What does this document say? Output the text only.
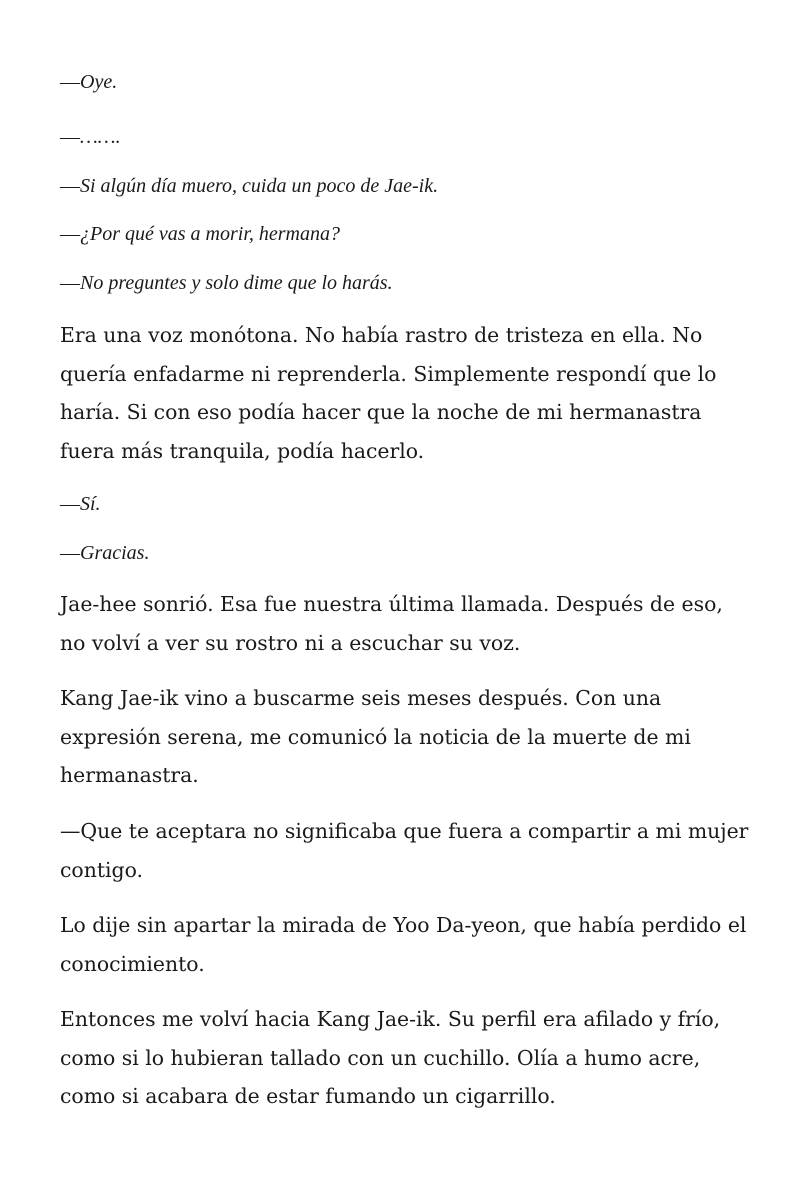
—Oye.
—…….
—Si algún día muero, cuida un poco de Jae-ik.
—¿Por qué vas a morir, hermana?
—No preguntes y solo dime que lo harás.

Era una voz monótona. No había rastro de tristeza en ella. No quería enfadarme ni reprenderla. Simplemente respondí que lo haría. Si con eso podía hacer que la noche de mi hermanastra fuera más tranquila, podía hacerlo.

—Sí.
—Gracias.

Jae-hee sonrió. Esa fue nuestra última llamada. Después de eso, no volví a ver su rostro ni a escuchar su voz.

Kang Jae-ik vino a buscarme seis meses después. Con una expresión serena, me comunicó la noticia de la muerte de mi hermanastra.

—Que te aceptara no significaba que fuera a compartir a mi mujer contigo.

Lo dije sin apartar la mirada de Yoo Da-yeon, que había perdido el conocimiento.

Entonces me volví hacia Kang Jae-ik. Su perfil era afilado y frío, como si lo hubieran tallado con un cuchillo. Olía a humo acre, como si acabara de estar fumando un cigarrillo.
